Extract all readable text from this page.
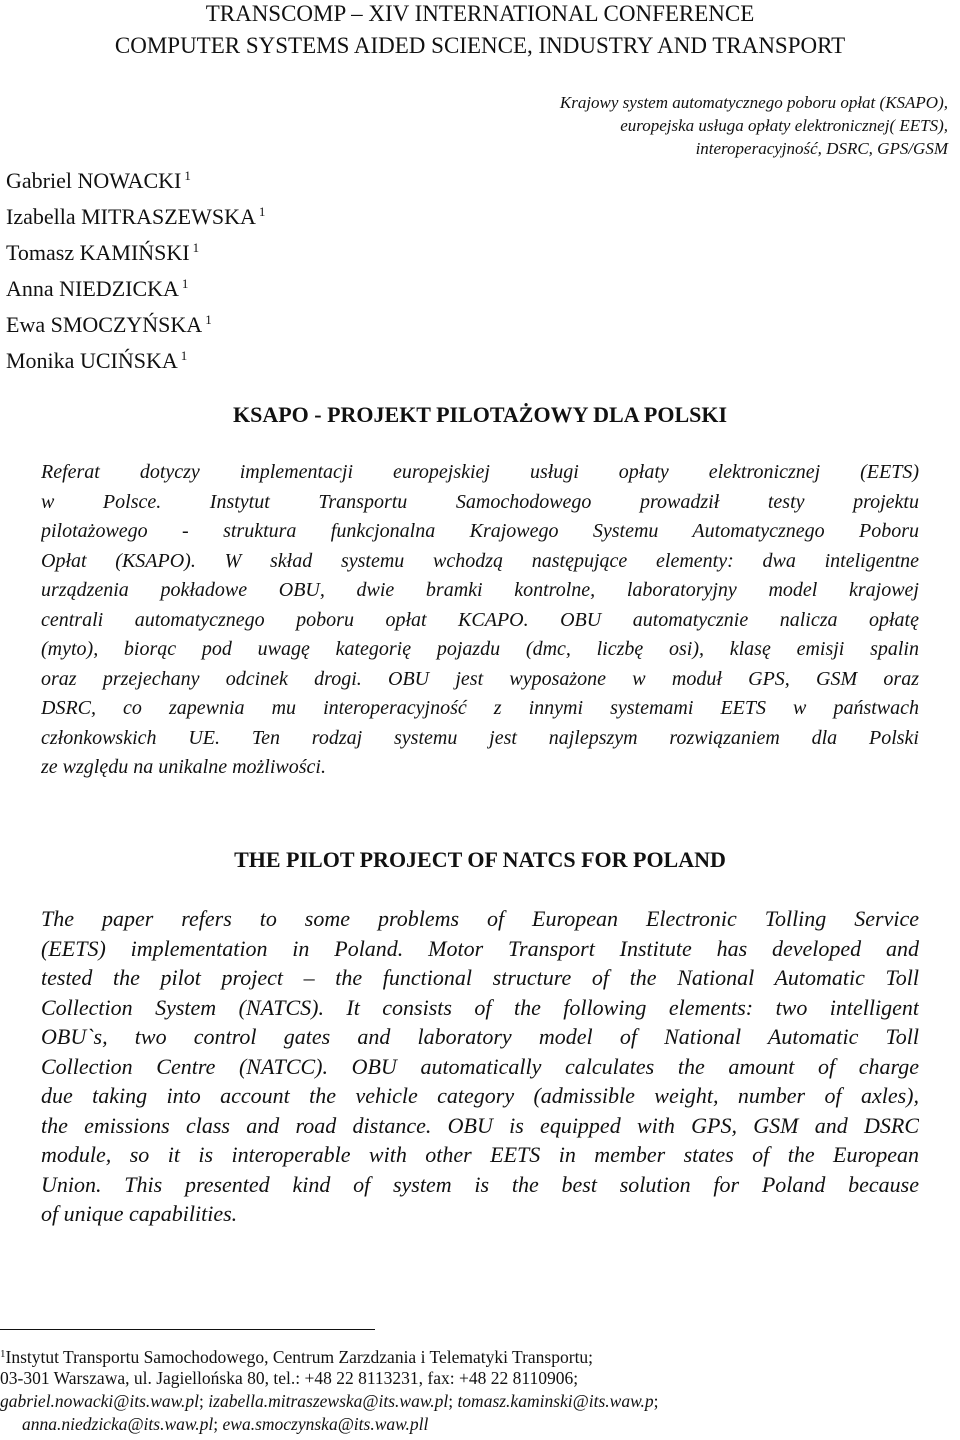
TRANSCOMP – XIV INTERNATIONAL CONFERENCE
COMPUTER SYSTEMS AIDED SCIENCE, INDUSTRY AND TRANSPORT
Krajowy system automatycznego poboru opłat (KSAPO),
europejska usługa opłaty elektronicznej( EETS),
interoperacyjność, DSRC, GPS/GSM
Gabriel NOWACKI $^1$
Izabella MITRASZEWSKA $^1$
Tomasz KAMIŃSKI $^1$
Anna NIEDZICKA $^1$
Ewa SMOCZYŃSKA $^1$
Monika UCIŃSKA $^1$
KSAPO - PROJEKT PILOTAŻOWY DLA POLSKI
Referat dotyczy implementacji europejskiej usługi opłaty elektronicznej (EETS)
w Polsce. Instytut Transportu Samochodowego prowadził testy projektu
pilotażowego - struktura funkcjonalna Krajowego Systemu Automatycznego Poboru
Opłat (KSAPO). W skład systemu wchodzą następujące elementy: dwa inteligentne
urządzenia pokładowe OBU, dwie bramki kontrolne, laboratoryjny model krajowej
centrali automatycznego poboru opłat KCAPO. OBU automatycznie nalicza opłatę
(myto), biorąc pod uwagę kategorię pojazdu (dmc, liczbę osi), klasę emisji spalin
oraz przejechany odcinek drogi. OBU jest wyposażone w moduł GPS, GSM oraz
DSRC, co zapewnia mu interoperacyjność z innymi systemami EETS w państwach
członkowskich UE. Ten rodzaj systemu jest najlepszym rozwiązaniem dla Polski
ze względu na unikalne możliwości.
THE PILOT PROJECT OF NATCS FOR POLAND
The paper refers to some problems of European Electronic Tolling Service
(EETS) implementation in Poland. Motor Transport Institute has developed and
tested the pilot project – the functional structure of the National Automatic Toll
Collection System (NATCS). It consists of the following elements: two intelligent
OBU`s, two control gates and laboratory model of National Automatic Toll
Collection Centre (NATCC). OBU automatically calculates the amount of charge
due taking into account the vehicle category (admissible weight, number of axles),
the emissions class and road distance. OBU is equipped with GPS, GSM and DSRC
module, so it is interoperable with other EETS in member states of the European
Union. This presented kind of system is the best solution for Poland because
of unique capabilities.
$^1$Instytut Transportu Samochodowego, Centrum Zarzdzania i Telematyki Transportu;
03-301 Warszawa, ul. Jagiellońska 80, tel.: +48 22 8113231, fax: +48 22 8110906;
gabriel.nowacki@its.waw.pl; izabella.mitraszewska@its.waw.pl; tomasz.kaminski@its.waw.p;
anna.niedzicka@its.waw.pl; ewa.smoczynska@its.waw.pll
